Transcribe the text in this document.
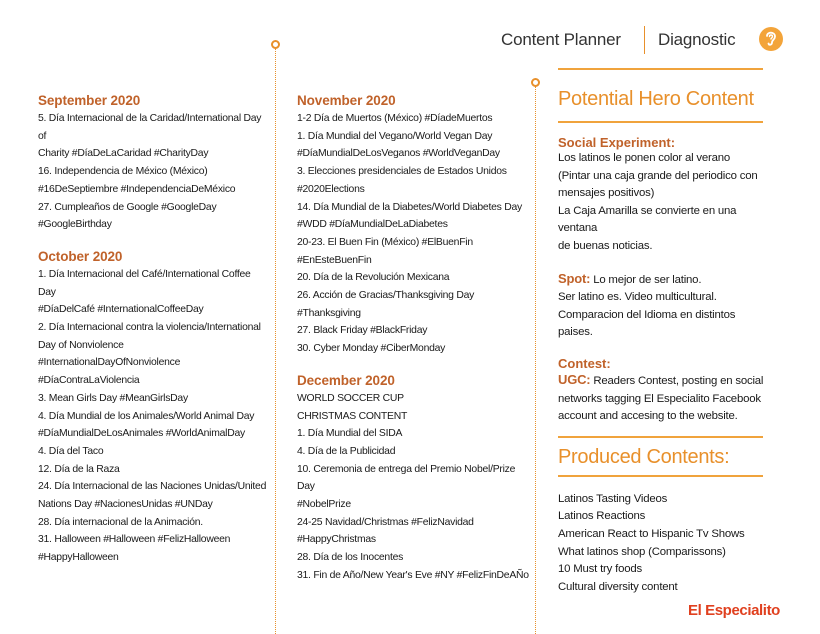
Content Planner Diagnostic
September 2020
5. Día Internacional de la Caridad/International Day of
Charity #DíaDeLaCaridad #CharityDay
16. Independencia de México (México)
#16DeSeptiembre #IndependenciaDeMéxico
27. Cumpleaños de Google #GoogleDay
#GoogleBirthday
October 2020
1. Día Internacional del Café/International Coffee Day
#DíaDelCafé #InternationalCoffeeDay
2. Día Internacional contra la violencia/International
Day of Nonviolence #InternationalDayOfNonviolence
#DíaContraLaViolencia
3. Mean Girls Day #MeanGirlsDay
4. Día Mundial de los Animales/World Animal Day
#DíaMundialDeLosAnimales #WorldAnimalDay
4. Día del Taco
12. Día de la Raza
24. Día Internacional de las Naciones Unidas/United
Nations Day #NacionesUnidas #UNDay
28. Día internacional de la Animación.
31. Halloween #Halloween #FelizHalloween
#HappyHalloween
November 2020
1-2 Día de Muertos (México) #DíadeMuertos
1. Día Mundial del Vegano/World Vegan Day
#DíaMundialDeLosVeganos #WorldVeganDay
3. Elecciones presidenciales de Estados Unidos
#2020Elections
14. Día Mundial de la Diabetes/World Diabetes Day
#WDD #DíaMundialDeLaDiabetes
20-23. El Buen Fin (México) #ElBuenFin
#EnEsteBuenFin
20. Día de la Revolución Mexicana
26. Acción de Gracias/Thanksgiving Day
#Thanksgiving
27. Black Friday #BlackFriday
30. Cyber Monday #CiberMonday
December 2020
WORLD SOCCER CUP
CHRISTMAS CONTENT
1. Día Mundial del SIDA
4. Día de la Publicidad
10. Ceremonia de entrega del Premio Nobel/Prize Day
#NobelPrize
24-25 Navidad/Christmas #FelizNavidad
#HappyChristmas
28. Día de los Inocentes
31. Fin de Año/New Year's Eve #NY #FelizFinDeAÑo
Potential Hero Content
Social Experiment:
Los latinos le ponen color al verano
(Pintar una caja grande del periodico con
mensajes positivos)
La Caja Amarilla se convierte en una ventana
de buenas noticias.
Spot: Lo mejor de ser latino.
Ser latino es. Video multicultural.
Comparacion del Idioma en distintos paises.
Contest:
UGC: Readers Contest, posting en social
networks tagging El Especialito Facebook
account and accesing to the website.
Produced Contents:
Latinos Tasting Videos
Latinos Reactions
American React to Hispanic Tv Shows
What latinos shop (Comparissons)
10 Must try foods
Cultural diversity content
El Especialito
